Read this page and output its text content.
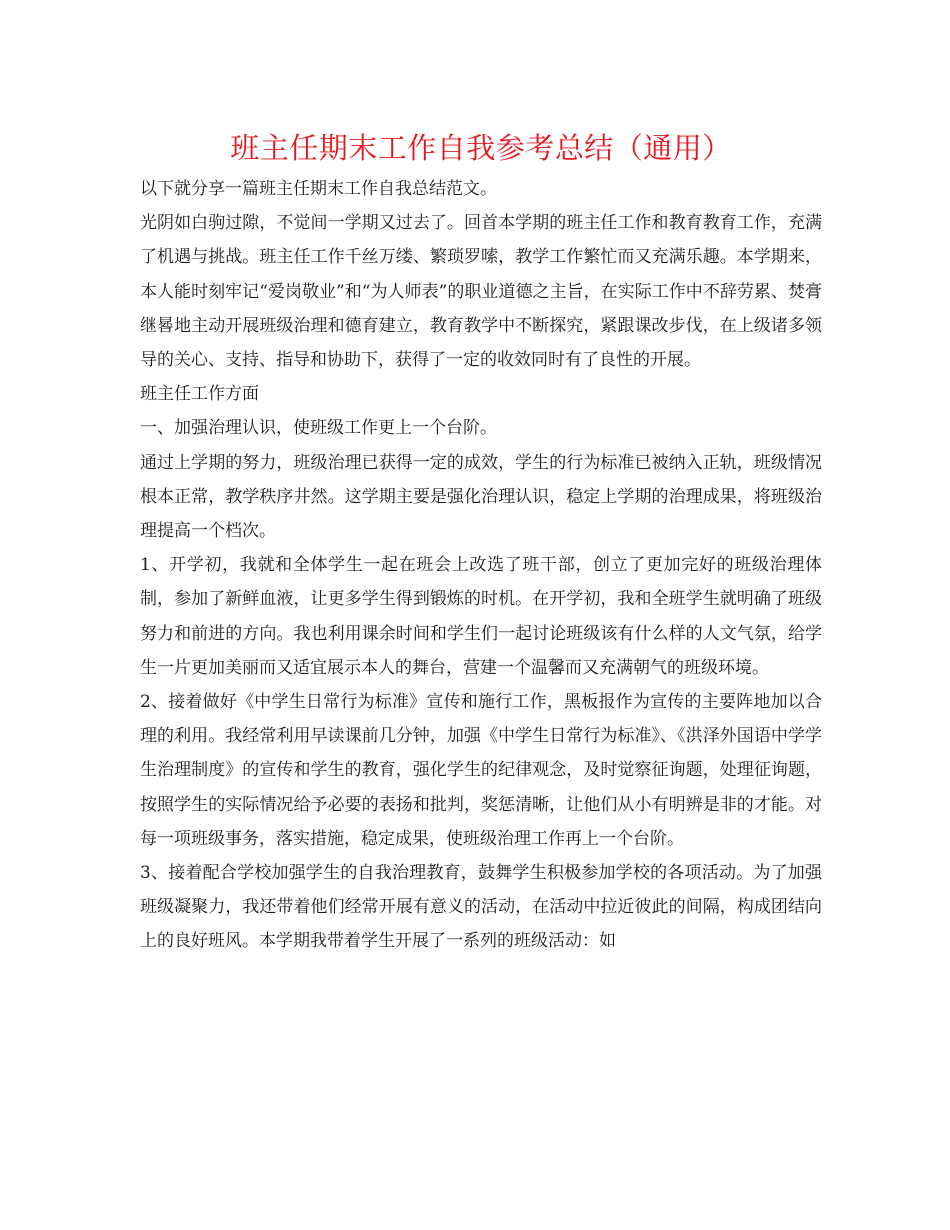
班主任期末工作自我参考总结（通用）

以下就分享一篇班主任期末工作自我总结范文。

光阴如白驹过隙，不觉间一学期又过去了。回首本学期的班主任工作和教育教育工作，充满了机遇与挑战。班主任工作千丝万缕、繁琐罗嗦，教学工作繁忙而又充满乐趣。本学期来，本人能时刻牢记“爱岗敬业”和“为人师表”的职业道德之主旨，在实际工作中不辞劳累、焚膏继晷地主动开展班级治理和德育建立，教育教学中不断探究，紧跟课改步伐，在上级诸多领导的关心、支持、指导和协助下，获得了一定的收效同时有了良性的开展。

班主任工作方面

一、加强治理认识，使班级工作更上一个台阶。

通过上学期的努力，班级治理已获得一定的成效，学生的行为标准已被纳入正轨，班级情况根本正常，教学秩序井然。这学期主要是强化治理认识，稳定上学期的治理成果，将班级治理提高一个档次。

1、开学初，我就和全体学生一起在班会上改选了班干部，创立了更加完好的班级治理体制，参加了新鲜血液，让更多学生得到锻炼的时机。在开学初，我和全班学生就明确了班级努力和前进的方向。我也利用课余时间和学生们一起讨论班级该有什么样的人文气氛，给学生一片更加美丽而又适宜展示本人的舞台，营建一个温馨而又充满朝气的班级环境。

2、接着做好《中学生日常行为标准》宣传和施行工作，黑板报作为宣传的主要阵地加以合理的利用。我经常利用早读课前几分钟，加强《中学生日常行为标准》、《洪泽外国语中学学生治理制度》的宣传和学生的教育，强化学生的纪律观念，及时觉察征询题，处理征询题，按照学生的实际情况给予必要的表扬和批判，奖惩清晰，让他们从小有明辨是非的才能。对每一项班级事务，落实措施，稳定成果，使班级治理工作再上一个台阶。

3、接着配合学校加强学生的自我治理教育，鼓舞学生积极参加学校的各项活动。为了加强班级凝聚力，我还带着他们经常开展有意义的活动，在活动中拉近彼此的间隔，构成团结向上的良好班风。本学期我带着学生开展了一系列的班级活动：如
